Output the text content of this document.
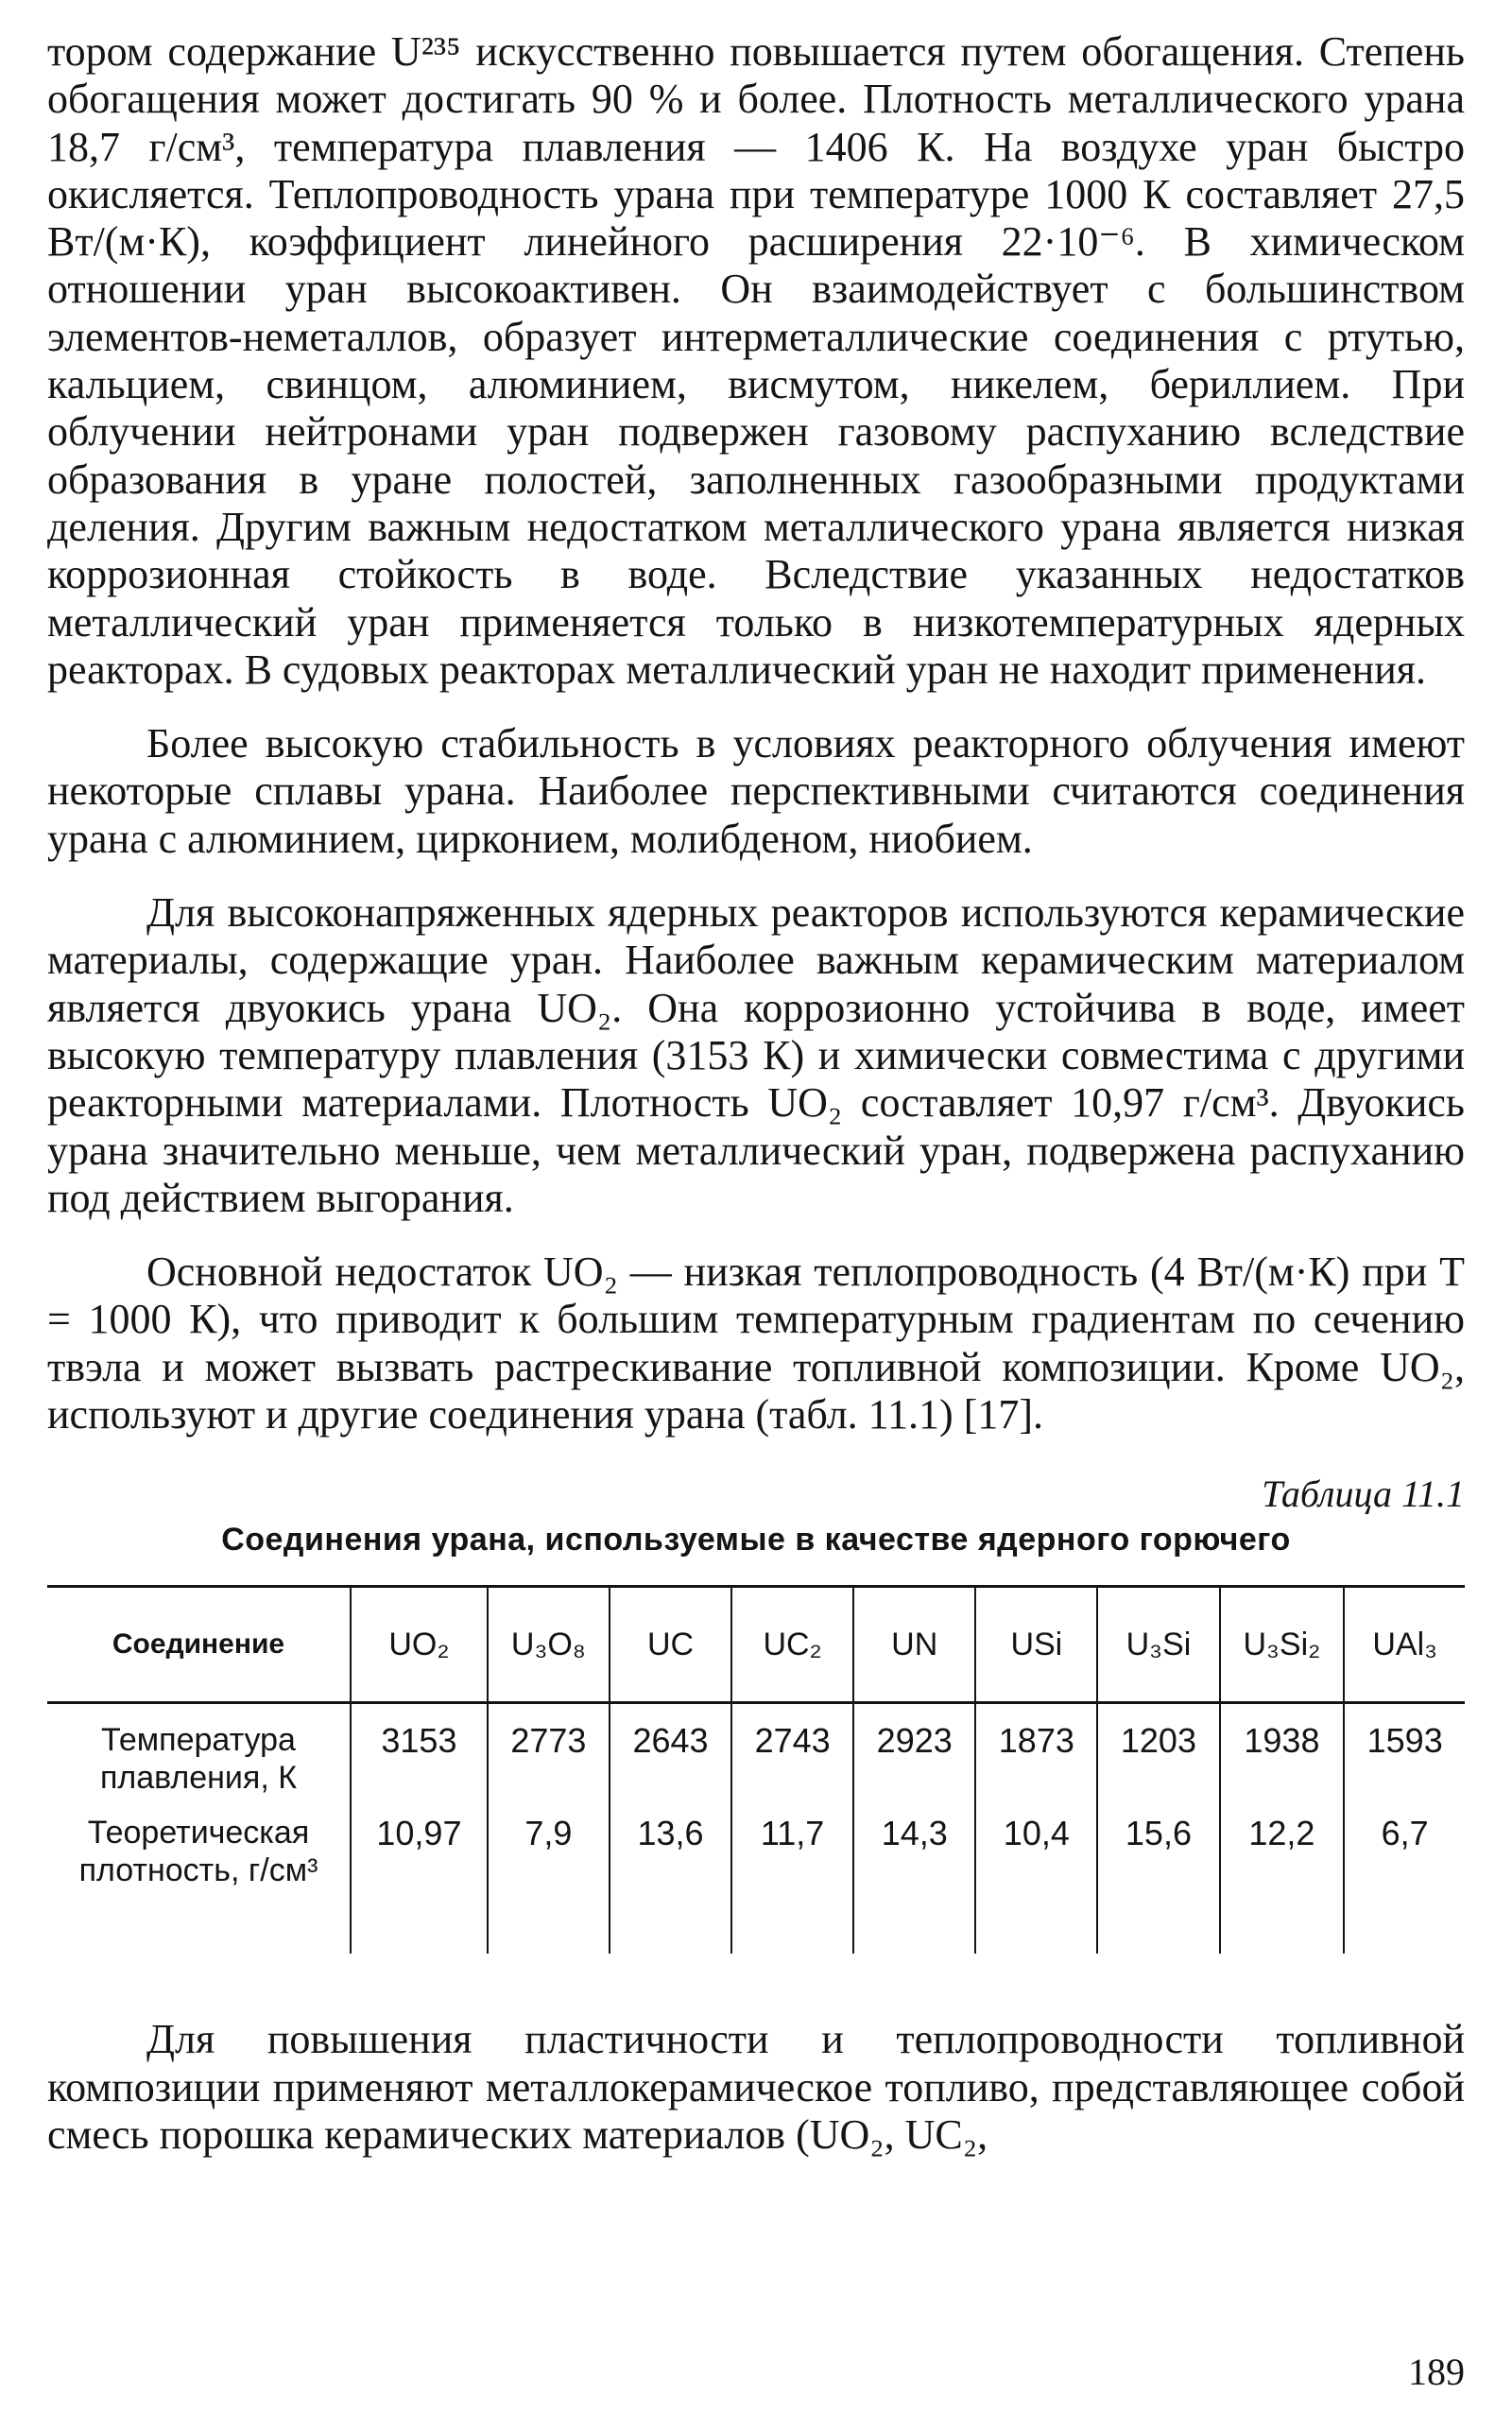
тором содержание U²³⁵ искусственно повышается путем обогащения. Степень обогащения может достигать 90 % и более. Плотность металлического урана 18,7 г/см³, температура плавления — 1406 К. На воздухе уран быстро окисляется. Теплопроводность урана при температуре 1000 К составляет 27,5 Вт/(м·К), коэффициент линейного расширения 22·10⁻⁶. В химическом отношении уран высокоактивен. Он взаимодействует с большинством элементов-неметаллов, образует интерметаллические соединения с ртутью, кальцием, свинцом, алюминием, висмутом, никелем, бериллием. При облучении нейтронами уран подвержен газовому распуханию вследствие образования в уране полостей, заполненных газообразными продуктами деления. Другим важным недостатком металлического урана является низкая коррозионная стойкость в воде. Вследствие указанных недостатков металлический уран применяется только в низкотемпературных ядерных реакторах. В судовых реакторах металлический уран не находит применения.

Более высокую стабильность в условиях реакторного облучения имеют некоторые сплавы урана. Наиболее перспективными считаются соединения урана с алюминием, цирконием, молибденом, ниобием.

Для высоконапряженных ядерных реакторов используются керамические материалы, содержащие уран. Наиболее важным керамическим материалом является двуокись урана UO₂. Она коррозионно устойчива в воде, имеет высокую температуру плавления (3153 К) и химически совместима с другими реакторными материалами. Плотность UO₂ составляет 10,97 г/см³. Двуокись урана значительно меньше, чем металлический уран, подвержена распуханию под действием выгорания.

Основной недостаток UO₂ — низкая теплопроводность (4 Вт/(м·К) при T = 1000 К), что приводит к большим температурным градиентам по сечению твэла и может вызвать растрескивание топливной композиции. Кроме UO₂, используют и другие соединения урана (табл. 11.1) [17].

Таблица 11.1

Соединения урана, используемые в качестве ядерного горючего

Соединение	UO₂	U₃O₈	UC	UC₂	UN	USi	U₃Si	U₃Si₂	UAl₃
Температура плавления, К	3153	2773	2643	2743	2923	1873	1203	1938	1593
Теоретическая плотность, г/см³	10,97	7,9	13,6	11,7	14,3	10,4	15,6	12,2	6,7

Для повышения пластичности и теплопроводности топливной композиции применяют металлокерамическое топливо, представляющее собой смесь порошка керамических материалов (UO₂, UC₂,

189
